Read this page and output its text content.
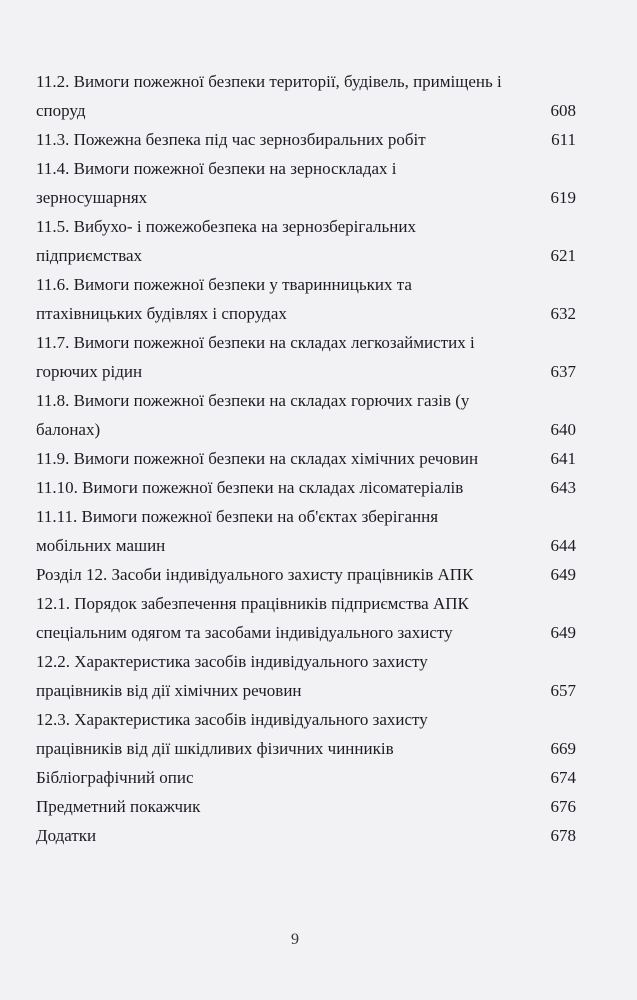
11.2. Вимоги пожежної безпеки території, будівель, приміщень і
споруд	608
11.3. Пожежна безпека під час зернозбиральних робіт	611
11.4. Вимоги пожежної безпеки на зерноскладах і
зерносушарнях	619
11.5. Вибухо- і пожежобезпека на зернозберігальних
підприємствах	621
11.6. Вимоги пожежної безпеки у тваринницьких та
птахівницьких будівлях і спорудах	632
11.7. Вимоги пожежної безпеки на складах легкозаймистих і
горючих рідин	637
11.8. Вимоги пожежної безпеки на складах горючих газів (у
балонах)	640
11.9. Вимоги пожежної безпеки на складах хімічних речовин	641
11.10. Вимоги пожежної безпеки на складах лісоматеріалів	643
11.11. Вимоги пожежної безпеки на об'єктах зберігання
мобільних машин	644
Розділ 12. Засоби індивідуального захисту працівників АПК	649
12.1. Порядок забезпечення працівників підприємства АПК
спеціальним одягом та засобами індивідуального захисту	649
12.2. Характеристика засобів індивідуального захисту
працівників від дії хімічних речовин	657
12.3. Характеристика засобів індивідуального захисту
працівників від дії шкідливих фізичних чинників	669
Бібліографічний опис	674
Предметний покажчик	676
Додатки	678
9
